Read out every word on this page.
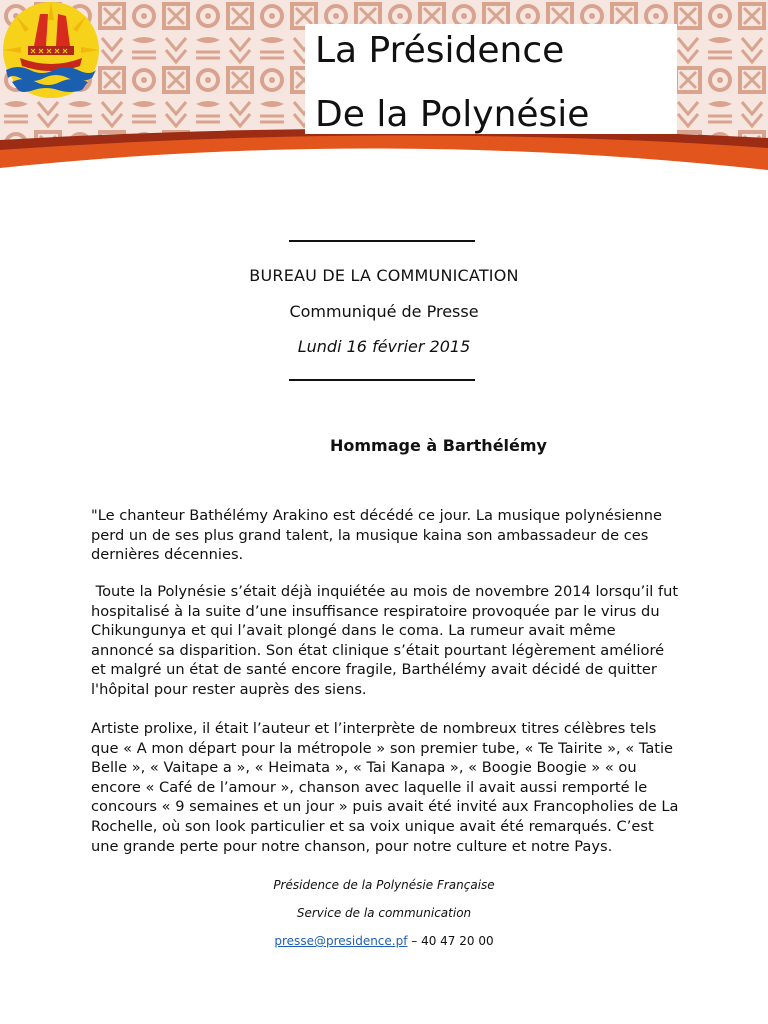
La Présidence
De la Polynésie
BUREAU DE LA COMMUNICATION
Communiqué de Presse
Lundi 16 février 2015
Hommage à Barthélémy

"Le chanteur Bathélémy Arakino est décédé ce jour. La musique polynésienne perd un de ses plus grand talent, la musique kaina son ambassadeur de ces dernières décennies.

Toute la Polynésie s’était déjà inquiétée au mois de novembre 2014 lorsqu’il fut hospitalisé à la suite d’une insuffisance respiratoire provoquée par le virus du Chikungunya et qui l’avait plongé dans le coma. La rumeur avait même annoncé sa disparition. Son état clinique s’était pourtant légèrement amélioré et malgré un état de santé encore fragile, Barthélémy avait décidé de quitter l'hôpital pour rester auprès des siens.

Artiste prolixe, il était l’auteur et l’interprète de nombreux titres célèbres tels que « A mon départ pour la métropole » son premier tube, « Te Tairite », « Tatie Belle », « Vaitape a », « Heimata », « Tai Kanapa », « Boogie Boogie » « ou encore « Café de l’amour », chanson avec laquelle il avait aussi remporté le concours « 9 semaines et un jour » puis avait été invité aux Francopholies de La Rochelle, où son look particulier et sa voix unique avait été remarqués. C’est une grande perte pour notre chanson, pour notre culture et notre Pays.

Présidence de la Polynésie Française
Service de la communication
presse@presidence.pf – 40 47 20 00
